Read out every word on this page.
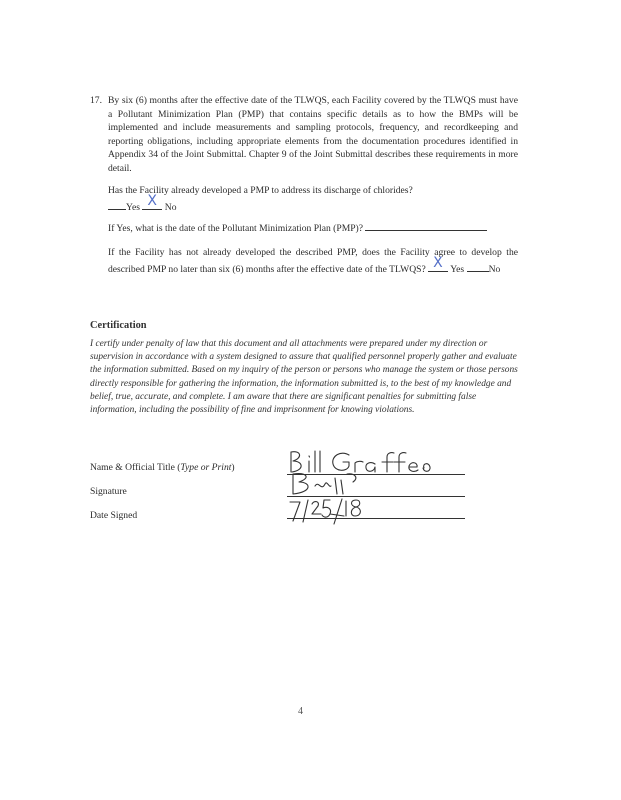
17. By six (6) months after the effective date of the TLWQS, each Facility covered by the TLWQS must have a Pollutant Minimization Plan (PMP) that contains specific details as to how the BMPs will be implemented and include measurements and sampling protocols, frequency, and recordkeeping and reporting obligations, including appropriate elements from the documentation procedures identified in Appendix 34 of the Joint Submittal. Chapter 9 of the Joint Submittal describes these requirements in more detail.
Has the Facility already developed a PMP to address its discharge of chlorides?
Yes X No
If Yes, what is the date of the Pollutant Minimization Plan (PMP)?
If the Facility has not already developed the described PMP, does the Facility agree to develop the described PMP no later than six (6) months after the effective date of the TLWQS? X Yes	No
Certification
I certify under penalty of law that this document and all attachments were prepared under my direction or supervision in accordance with a system designed to assure that qualified personnel properly gather and evaluate the information submitted. Based on my inquiry of the person or persons who manage the system or those persons directly responsible for gathering the information, the information submitted is, to the best of my knowledge and belief, true, accurate, and complete. I am aware that there are significant penalties for submitting false information, including the possibility of fine and imprisonment for knowing violations.
Name & Official Title (Type or Print)
Signature
Date Signed
4
